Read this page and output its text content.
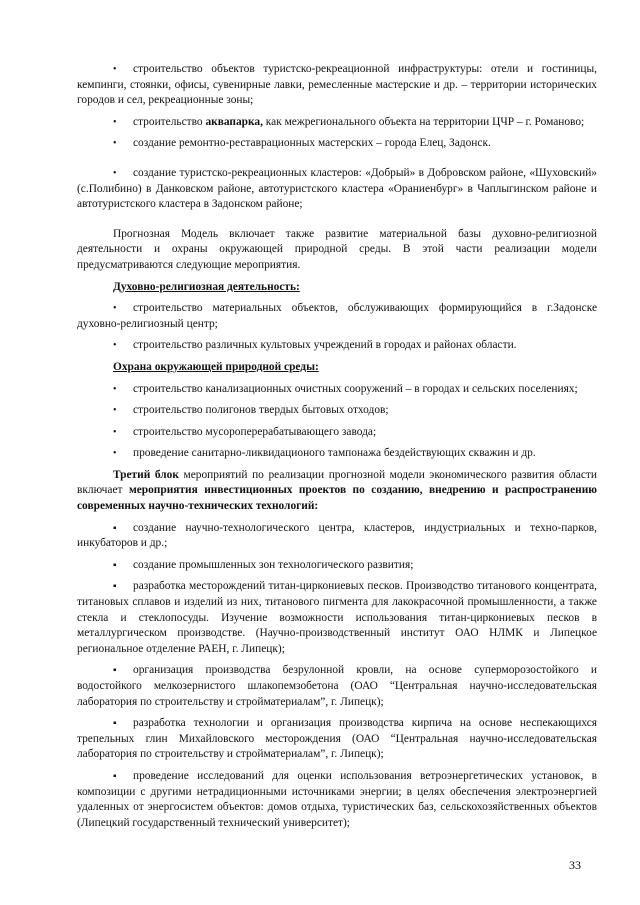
• строительство объектов туристско-рекреационной инфраструктуры: отели и гостиницы, кемпинги, стоянки, офисы, сувенирные лавки, ремесленные мастерские и др. – территории исторических городов и сел, рекреационные зоны;

• строительство аквапарка, как межрегионального объекта на территории ЦЧР – г. Романово;

• создание ремонтно-реставрационных мастерских – города Елец, Задонск.

• создание туристско-рекреационных кластеров: «Добрый» в Добровском районе, «Шуховский» (с.Полибино) в Данковском районе, автотуристского кластера «Ораниенбург» в Чаплыгинском районе и автотуристского кластера в Задонском районе;

Прогнозная Модель включает также развитие материальной базы духовно-религиозной деятельности и охраны окружающей природной среды. В этой части реализации модели предусматриваются следующие мероприятия.

Духовно-религиозная деятельность:

• строительство материальных объектов, обслуживающих формирующийся в г.Задонске духовно-религиозный центр;

• строительство различных культовых учреждений в городах и районах области.

Охрана окружающей природной среды:

• строительство канализационных очистных сооружений – в городах и сельских поселениях;

• строительство полигонов твердых бытовых отходов;

• строительство мусороперерабатывающего завода;

• проведение санитарно-ликвидационого тампонажа бездействующих скважин и др.

Третий блок мероприятий по реализации прогнозной модели экономического развития области включает мероприятия инвестиционных проектов по созданию, внедрению и распространению современных научно-технических технологий:

▪ создание научно-технологического центра, кластеров, индустриальных и техно-парков, инкубаторов и др.;

▪ создание промышленных зон технологического развития;

▪ разработка месторождений титан-циркониевых песков. Производство титанового концентрата, титановых сплавов и изделий из них, титанового пигмента для лакокрасочной промышленности, а также стекла и стеклопосуды. Изучение возможности использования титан-циркониевых песков в металлургическом производстве. (Научно-производственный институт ОАО НЛМК и Липецкое региональное отделение РАЕН, г. Липецк);

▪ организация производства безрулонной кровли, на основе суперморозостойкого и водостойкого мелкозернистого шлакопемзобетона (ОАО “Центральная научно-исследовательская лаборатория по строительству и стройматериалам”, г. Липецк);

▪ разработка технологии и организация производства кирпича на основе неспекающихся трепельных глин Михайловского месторождения (ОАО “Центральная научно-исследовательская лаборатория по строительству и стройматериалам”, г. Липецк);

▪ проведение исследований для оценки использования ветроэнергетических установок, в композиции с другими нетрадиционными источниками энергии; в целях обеспечения электроэнергией удаленных от энергосистем объектов: домов отдыха, туристических баз, сельскохозяйственных объектов (Липецкий государственный технический университет);

33
